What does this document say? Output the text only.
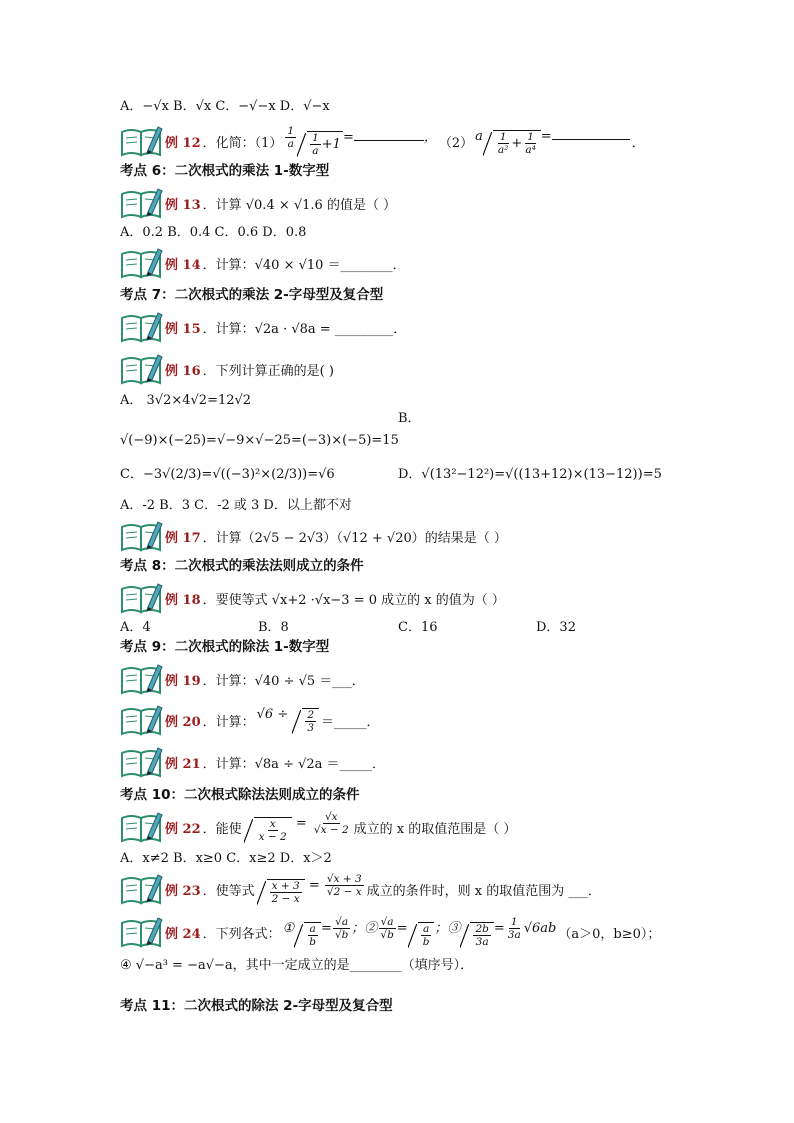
A．−√x B．√x C．−√−x D．√−x
例 12 ．化简：$(1) \frac{1}{a} \frac{1}{a} +1$ =	， （2） a $\frac{1}{\text{a²}} + \frac{1}{\text{a⁴}}$ =	．
考点 6：二次根式的乘法 1-数字型
例 13 ．计算 √0.4 × √1.6 的值是（ ）
A．0.2 B．0.4 C．0.6 D．0.8
例 14 ．计算：√40 × √10 ＝________．
考点 7：二次根式的乘法 2-字母型及复合型
例 15 ．计算：√2a · √8a = _________．
例 16 ．下列计算正确的是( )
A． 3√2×4√2=12√2
B．
√(−9)×(−25)=√−9×√−25=(−3)×(−5)=15
C．−3√(2/3)=√((−3)²×(2/3))=√6	D．√(13²−12²)=√((13+12)×(13−12))=5
A．-2 B．3 C．-2 或 3 D．以上都不对
例 17 ．计算（2√5 − 2√3）（√12 + √20）的结果是（ ）
考点 8：二次根式的乘法法则成立的条件
例 18 ．要使等式 √x+2 ·√x−3 = 0 成立的 x 的值为（ ）
A．4	B．8	C．16	D．32
考点 9：二次根式的除法 1-数字型
例 19 ．计算：√40 ÷ √5 ＝___．
例 20 ．计算：
$√6 \div \frac{2}{3}$ ＝_____．
例 21 ．计算：√8a ÷ √2a ＝_____．
考点 10：二次根式除法法则成立的条件
例 22 ．能使 $\frac{x}{x - 2} = \frac{√x}{√x - 2}$ 成立的 x 的取值范围是（ ）
A．x≠2 B．x≥0 C．x≥2 D．x＞2
例 23 ．使等式 $\frac{x + 3}{2 - x} = \frac{√x + 3}{√2 - x}$ 成立的条件时，则 x 的取值范围为 ___．
例 24 ．下列各式： ① $\frac{a}{b} = \frac{√a}{√b}$ ；② $\frac{√a}{√b} = \frac{a}{b}$ ；③ $\frac{2b}{3a} = \frac{1}{3a} √6ab$ （a＞0，b≥0）；
④ √−a³ = −a√−a，其中一定成立的是________（填序号）．
考点 11：二次根式的除法 2-字母型及复合型
